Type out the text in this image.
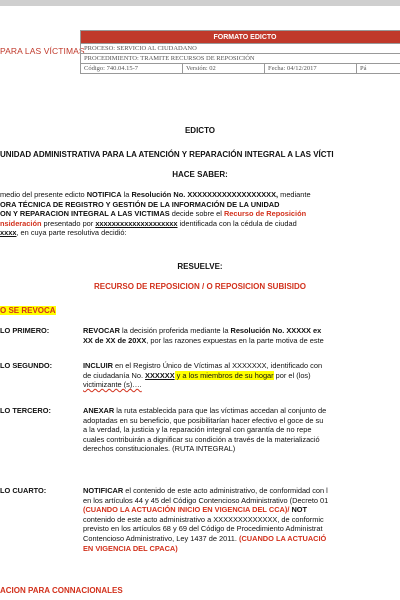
PARA LAS VÍCTIMAS
FORMATO EDICTO
PROCESO: SERVICIO AL CIUDADANO
PROCEDIMIENTO: TRAMITE RECURSOS DE REPOSICIÓN
Código: 740.04.15-7	Versión: 02	Fecha: 04/12/2017	Pá
EDICTO
UNIDAD ADMINISTRATIVA PARA LA ATENCIÓN Y REPARACIÓN INTEGRAL A LAS VÍCTI
HACE SABER:
medio del presente edicto NOTIFICA la Resolución No. XXXXXXXXXXXXXXXXXX, mediante
ORA TÉCNICA DE REGISTRO Y GESTIÓN DE LA INFORMACIÓN DE LA UNIDAD
ON Y REPARACION INTEGRAL A LAS VICTIMAS decide sobre el Recurso de Reposición
nsideración presentado por xxxxxxxxxxxxxxxxxxxx identificada con la cédula de ciudad
xxxx, en cuya parte resolutiva decidió:
RESUELVE:
RECURSO DE REPOSICION / O REPOSICION SUBISIDO
O SE REVOCA
LO PRIMERO:	REVOCAR la decisión proferida mediante la Resolución No. XXXXX ex
XX de XX de 20XX, por las razones expuestas en la parte motiva de este
LO SEGUNDO:	INCLUIR en el Registro Único de Víctimas al XXXXXXX, identificado con
de ciudadanía No. XXXXXX y a los miembros de su hogar por el (los)
victimizante (s)….
LO TERCERO:	ANEXAR la ruta establecida para que las víctimas accedan al conjunto de
adoptadas en su beneficio, que posibilitarían hacer efectivo el goce de su
a la verdad, la justicia y la reparación integral con garantía de no repe
cuales contribuirán a dignificar su condición a través de la materializació
derechos constitucionales. (RUTA INTEGRAL)
LO CUARTO:	NOTIFICAR el contenido de este acto administrativo, de conformidad con l
en los artículos 44 y 45 del Código Contencioso Administrativo (Decreto 01
(CUANDO LA ACTUACIÓN INICIO EN VIGENCIA DEL CCA)/ NOT
contenido de este acto administrativo a XXXXXXXXXXXXX, de conformic
previsto en los artículos 68 y 69 del Código de Procedimiento Administrat
Contencioso Administrativo, Ley 1437 de 2011. (CUANDO LA ACTUACIÓ
EN VIGENCIA DEL CPACA)
ACION PARA CONNACIONALES
